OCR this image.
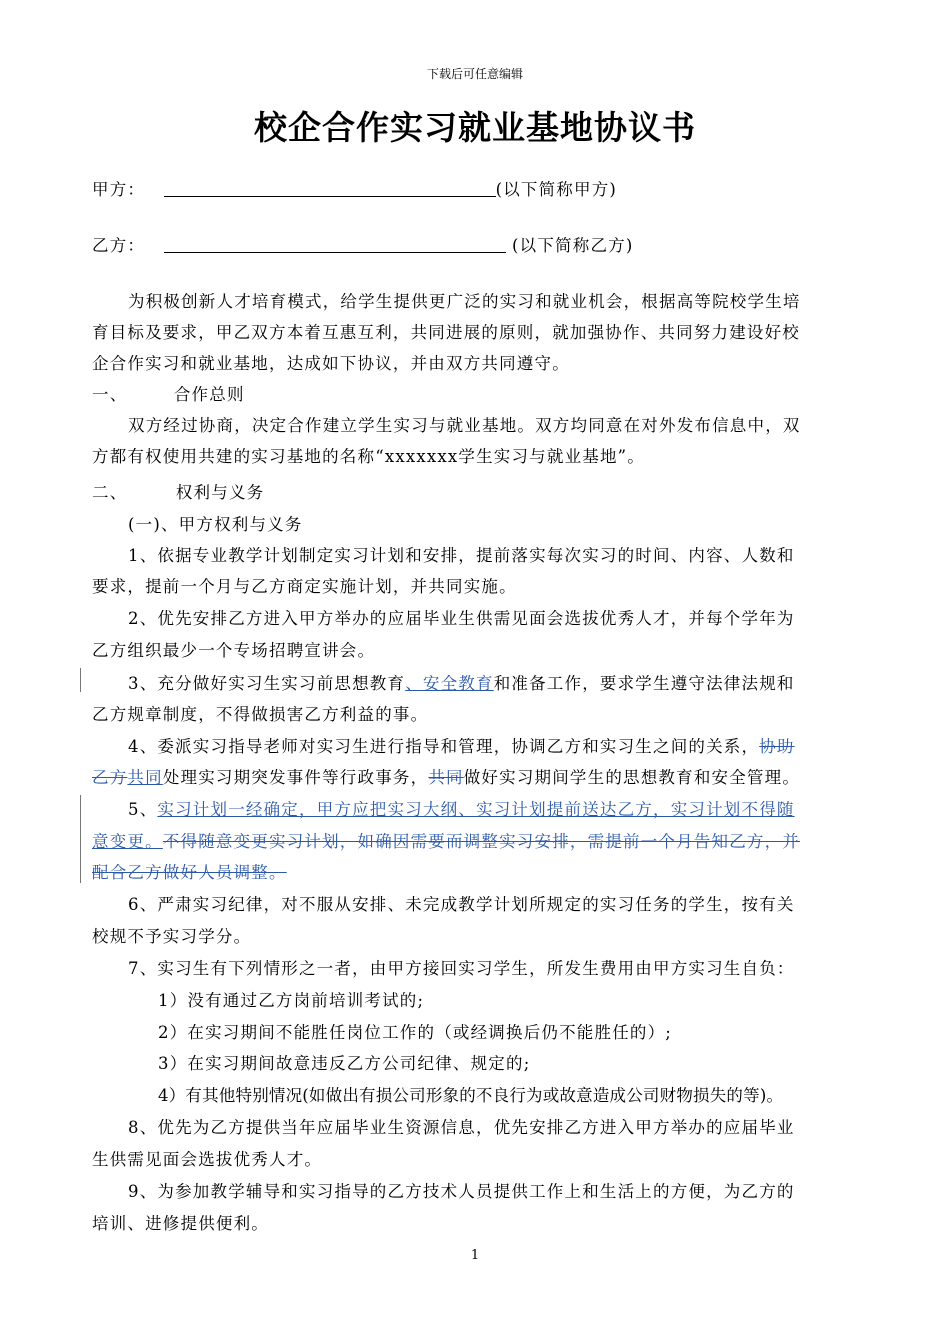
下载后可任意编辑
校企合作实习就业基地协议书
甲方：	(以下简称甲方)
乙方：	(以下简称乙方)
为积极创新人才培育模式，给学生提供更广泛的实习和就业机会，根据高等院校学生培
育目标及要求，甲乙双方本着互惠互利，共同进展的原则，就加强协作、共同努力建设好校
企合作实习和就业基地，达成如下协议，并由双方共同遵守。
一、	合作总则
双方经过协商，决定合作建立学生实习与就业基地。双方均同意在对外发布信息中，双
方都有权使用共建的实习基地的名称“xxxxxxx学生实习与就业基地”。
二、	权利与义务
(一)、甲方权利与义务
1、依据专业教学计划制定实习计划和安排，提前落实每次实习的时间、内容、人数和
要求，提前一个月与乙方商定实施计划，并共同实施。
2、优先安排乙方进入甲方举办的应届毕业生供需见面会选拔优秀人才，并每个学年为
乙方组织最少一个专场招聘宣讲会。
3、充分做好实习生实习前思想教育、安全教育和准备工作，要求学生遵守法律法规和
乙方规章制度，不得做损害乙方利益的事。
4、委派实习指导老师对实习生进行指导和管理，协调乙方和实习生之间的关系，协助
乙方共同处理实习期突发事件等行政事务，共同做好实习期间学生的思想教育和安全管理。
5、实习计划一经确定，甲方应把实习大纲、实习计划提前送达乙方，实习计划不得随
意变更。不得随意变更实习计划，如确因需要而调整实习安排，需提前一个月告知乙方，并
配合乙方做好人员调整。
6、严肃实习纪律，对不服从安排、未完成教学计划所规定的实习任务的学生，按有关
校规不予实习学分。
7、实习生有下列情形之一者，由甲方接回实习学生，所发生费用由甲方实习生自负：
1）没有通过乙方岗前培训考试的;
2）在实习期间不能胜任岗位工作的（或经调换后仍不能胜任的）;
3）在实习期间故意违反乙方公司纪律、规定的;
4）有其他特别情况(如做出有损公司形象的不良行为或故意造成公司财物损失的等)。
8、优先为乙方提供当年应届毕业生资源信息，优先安排乙方进入甲方举办的应届毕业
生供需见面会选拔优秀人才。
9、为参加教学辅导和实习指导的乙方技术人员提供工作上和生活上的方便，为乙方的
培训、进修提供便利。
1
